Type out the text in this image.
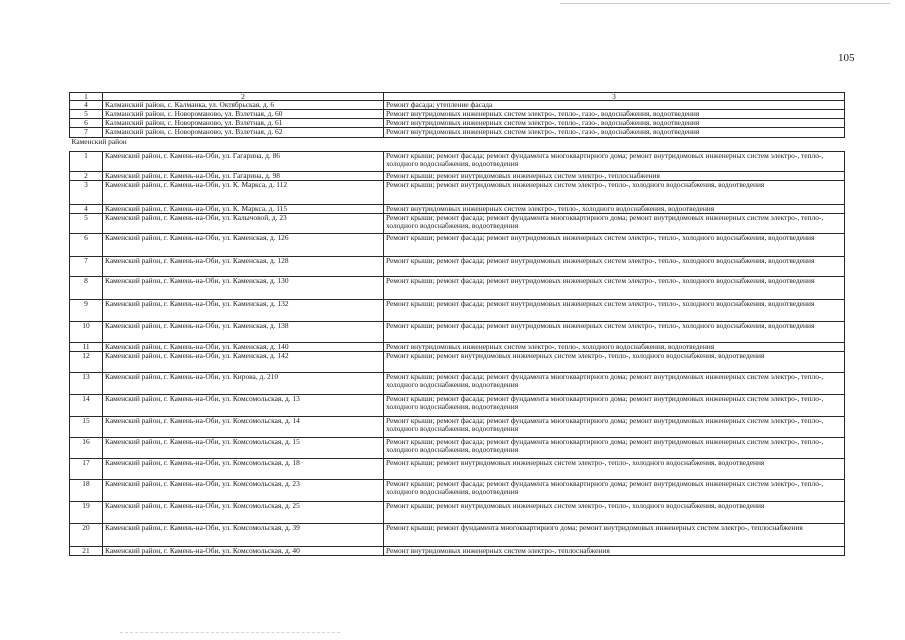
105
1	2	3
4	Калманский район, с. Калманка, ул. Октябрьская, д. 6	Ремонт фасада; утепление фасада
5	Калманский район, с. Новоромановo, ул. Взлетная, д. 60	Ремонт внутридомовых инженерных систем электро-, тепло-, газо-, водоснабжения, водоотведения
6	Калманский район, с. Новоромановo, ул. Взлетная, д. 61	Ремонт внутридомовых инженерных систем электро-, тепло-, газо-, водоснабжения, водоотведения
7	Калманский район, с. Новоромановo, ул. Взлетная, д. 62	Ремонт внутридомовых инженерных систем электро-, тепло-, газо-, водоснабжения, водоотведения
Каменский район		
1	Каменский район, г. Камень-на-Оби, ул. Гагарина, д. 86	Ремонт крыши; ремонт фасада; ремонт фундамента многоквартирного дома; ремонт внутридомовых инженерных систем электро-, тепло-, холодного водоснабжения, водоотведения
2	Каменский район, г. Камень-на-Оби, ул. Гагарина, д. 98	Ремонт крыши; ремонт внутридомовых инженерных систем электро-, теплоснабжения
3	Каменский район, г. Камень-на-Оби, ул. К. Маркса, д. 112	Ремонт крыши; ремонт внутридомовых инженерных систем электро-, тепло-, холодного водоснабжения, водоотведения
4	Каменский район, г. Камень-на-Оби, ул. К. Маркса, д. 115	Ремонт внутридомовых инженерных систем электро-, тепло-, холодного водоснабжения, водоотведения
5	Каменский район, г. Камень-на-Оби, ул. Калычовой, д. 23	Ремонт крыши; ремонт фасада; ремонт фундамента многоквартирного дома; ремонт внутридомовых инженерных систем электро-, тепло-, холодного водоснабжения, водоотведения
6	Каменский район, г. Камень-на-Оби, ул. Каменская, д. 126	Ремонт крыши; ремонт фасада; ремонт внутридомовых инженерных систем электро-, тепло-, холодного водоснабжения, водоотведения
7	Каменский район, г. Камень-на-Оби, ул. Каменская, д. 128	Ремонт крыши; ремонт фасада; ремонт внутридомовых инженерных систем электро-, тепло-, холодного водоснабжения, водоотведения
8	Каменский район, г. Камень-на-Оби, ул. Каменская, д. 130	Ремонт крыши; ремонт фасада; ремонт внутридомовых инженерных систем электро-, тепло-, холодного водоснабжения, водоотведения
9	Каменский район, г. Камень-на-Оби, ул. Каменская, д. 132	Ремонт крыши; ремонт фасада; ремонт внутридомовых инженерных систем электро-, тепло-, холодного водоснабжения, водоотведения
10	Каменский район, г. Камень-на-Оби, ул. Каменская, д. 138	Ремонт крыши; ремонт фасада; ремонт внутридомовых инженерных систем электро-, тепло-, холодного водоснабжения, водоотведения
11	Каменский район, г. Камень-на-Оби, ул. Каменская, д. 140	Ремонт внутридомовых инженерных систем электро-, тепло-, холодного водоснабжения, водоотведения
12	Каменский район, г. Камень-на-Оби, ул. Каменская, д. 142	Ремонт крыши; ремонт внутридомовых инженерных систем электро-, тепло-, холодного водоснабжения, водоотведения
13	Каменский район, г. Камень-на-Оби, ул. Кирова, д. 210	Ремонт крыши; ремонт фасада; ремонт фундамента многоквартирного дома; ремонт внутридомовых инженерных систем электро-, тепло-, холодного водоснабжения, водоотведения
14	Каменский район, г. Камень-на-Оби, ул. Комсомольская, д. 13	Ремонт крыши; ремонт фасада; ремонт фундамента многоквартирного дома; ремонт внутридомовых инженерных систем электро-, тепло-, холодного водоснабжения, водоотведения
15	Каменский район, г. Камень-на-Оби, ул. Комсомольская, д. 14	Ремонт крыши; ремонт фасада; ремонт фундамента многоквартирного дома; ремонт внутридомовых инженерных систем электро-, тепло-, холодного водоснабжения, водоотведения
16	Каменский район, г. Камень-на-Оби, ул. Комсомольская, д. 15	Ремонт крыши; ремонт фасада; ремонт фундамента многоквартирного дома; ремонт внутридомовых инженерных систем электро-, тепло-, холодного водоснабжения, водоотведения
17	Каменский район, г. Камень-на-Оби, ул. Комсомольская, д. 18	Ремонт крыши; ремонт внутридомовых инженерных систем электро-, тепло-, холодного водоснабжения, водоотведения
18	Каменский район, г. Камень-на-Оби, ул. Комсомольская, д. 23	Ремонт крыши; ремонт фасада; ремонт фундамента многоквартирного дома; ремонт внутридомовых инженерных систем электро-, тепло-, холодного водоснабжения, водоотведения
19	Каменский район, г. Камень-на-Оби, ул. Комсомольская, д. 25	Ремонт крыши; ремонт внутридомовых инженерных систем электро-, тепло-, холодного водоснабжения, водоотведения
20	Каменский район, г. Камень-на-Оби, ул. Комсомольская, д. 39	Ремонт крыши; ремонт фундамента многоквартирного дома; ремонт внутридомовых инженерных систем электро-, теплоснабжения
21	Каменский район, г. Камень-на-Оби, ул. Комсомольская, д. 40	Ремонт внутридомовых инженерных систем электро-, теплоснабжения
